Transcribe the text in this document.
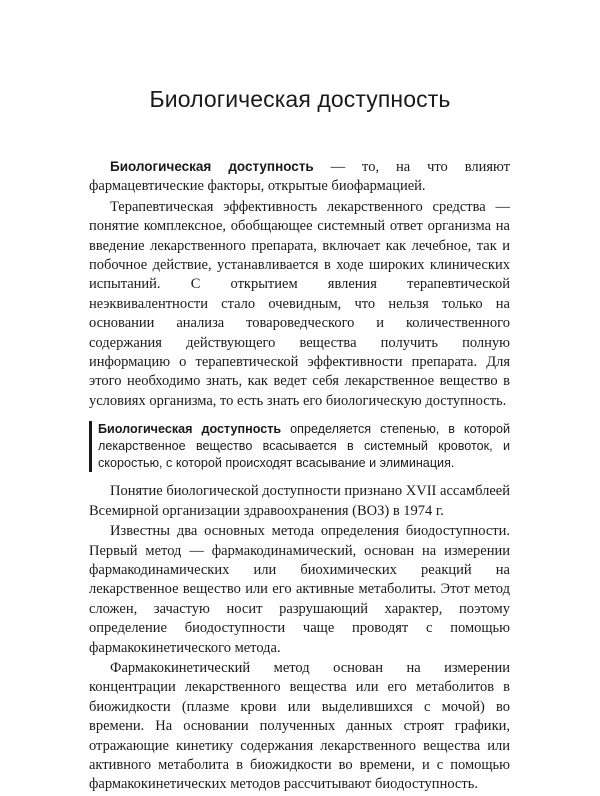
Биологическая доступность

Биологическая доступность — то, на что влияют фармацевтические факторы, открытые биофармацией.

Терапевтическая эффективность лекарственного средства — понятие комплексное, обобщающее системный ответ организма на введение лекарственного препарата, включает как лечебное, так и побочное действие, устанавливается в ходе широких клинических испытаний. С открытием явления терапевтической неэквивалентности стало очевидным, что нельзя только на основании анализа товароведческого и количественного содержания действующего вещества получить полную информацию о терапевтической эффективности препарата. Для этого необходимо знать, как ведет себя лекарственное вещество в условиях организма, то есть знать его биологическую доступность.

Биологическая доступность определяется степенью, в которой лекарственное вещество всасывается в системный кровоток, и скоростью, с которой происходят всасывание и элиминация.

Понятие биологической доступности признано XVII ассамблеей Всемирной организации здравоохранения (ВОЗ) в 1974 г.

Известны два основных метода определения биодоступности. Первый метод — фармакодинамический, основан на измерении фармакодинамических или биохимических реакций на лекарственное вещество или его активные метаболиты. Этот метод сложен, зачастую носит разрушающий характер, поэтому определение биодоступности чаще проводят с помощью фармакокинетического метода.

Фармакокинетический метод основан на измерении концентрации лекарственного вещества или его метаболитов в биожидкости (плазме крови или выделившихся с мочой) во времени. На основании полученных данных строят графики, отражающие кинетику содержания лекарственного вещества или активного метаболита в биожидкости во времени, и с помощью фармакокинетических методов рассчитывают биодоступность.
